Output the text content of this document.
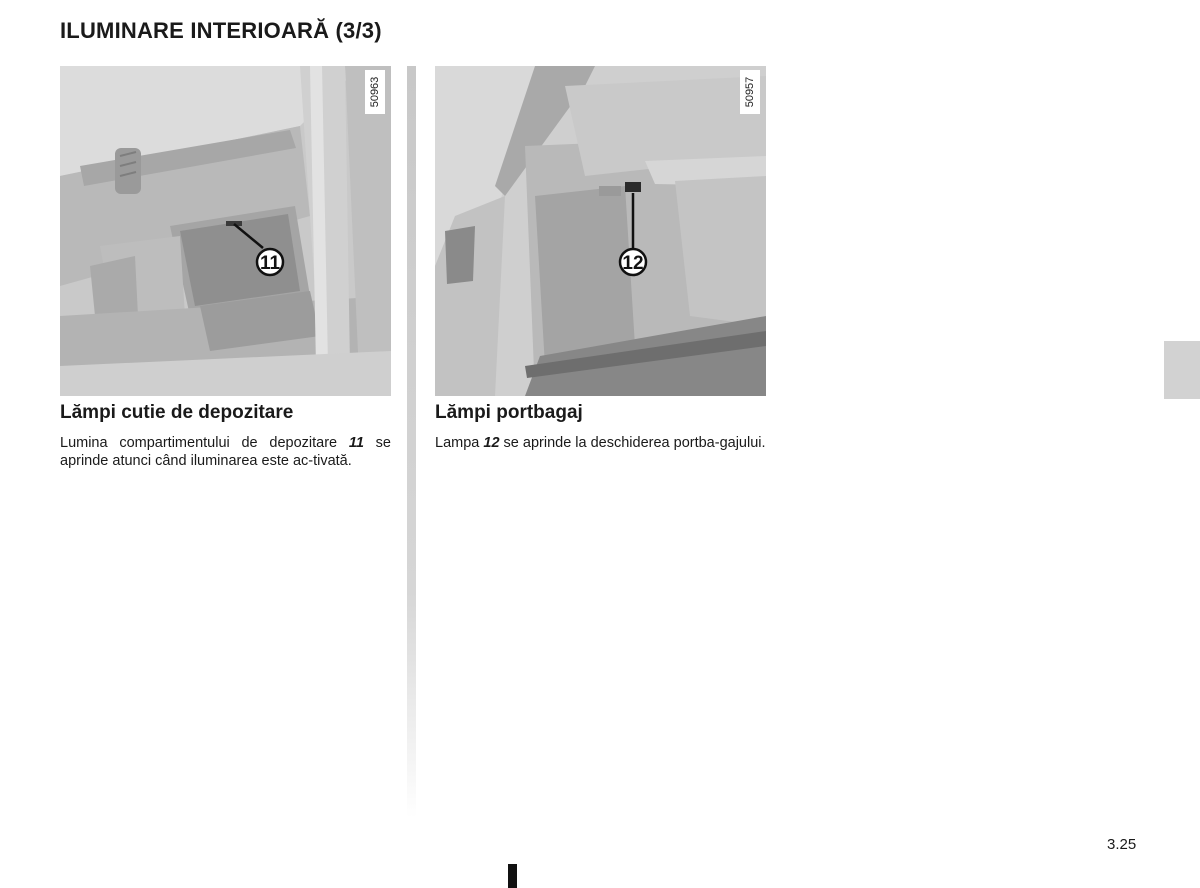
ILUMINARE INTERIOARĂ (3/3)
11
50963
12
50957
Lămpi cutie de depozitare

Lumina compartimentului de depozitare 11 se aprinde atunci când iluminarea este ac-tivată.

Lămpi portbagaj

Lampa 12 se aprinde la deschiderea portba-gajului.

3.25
